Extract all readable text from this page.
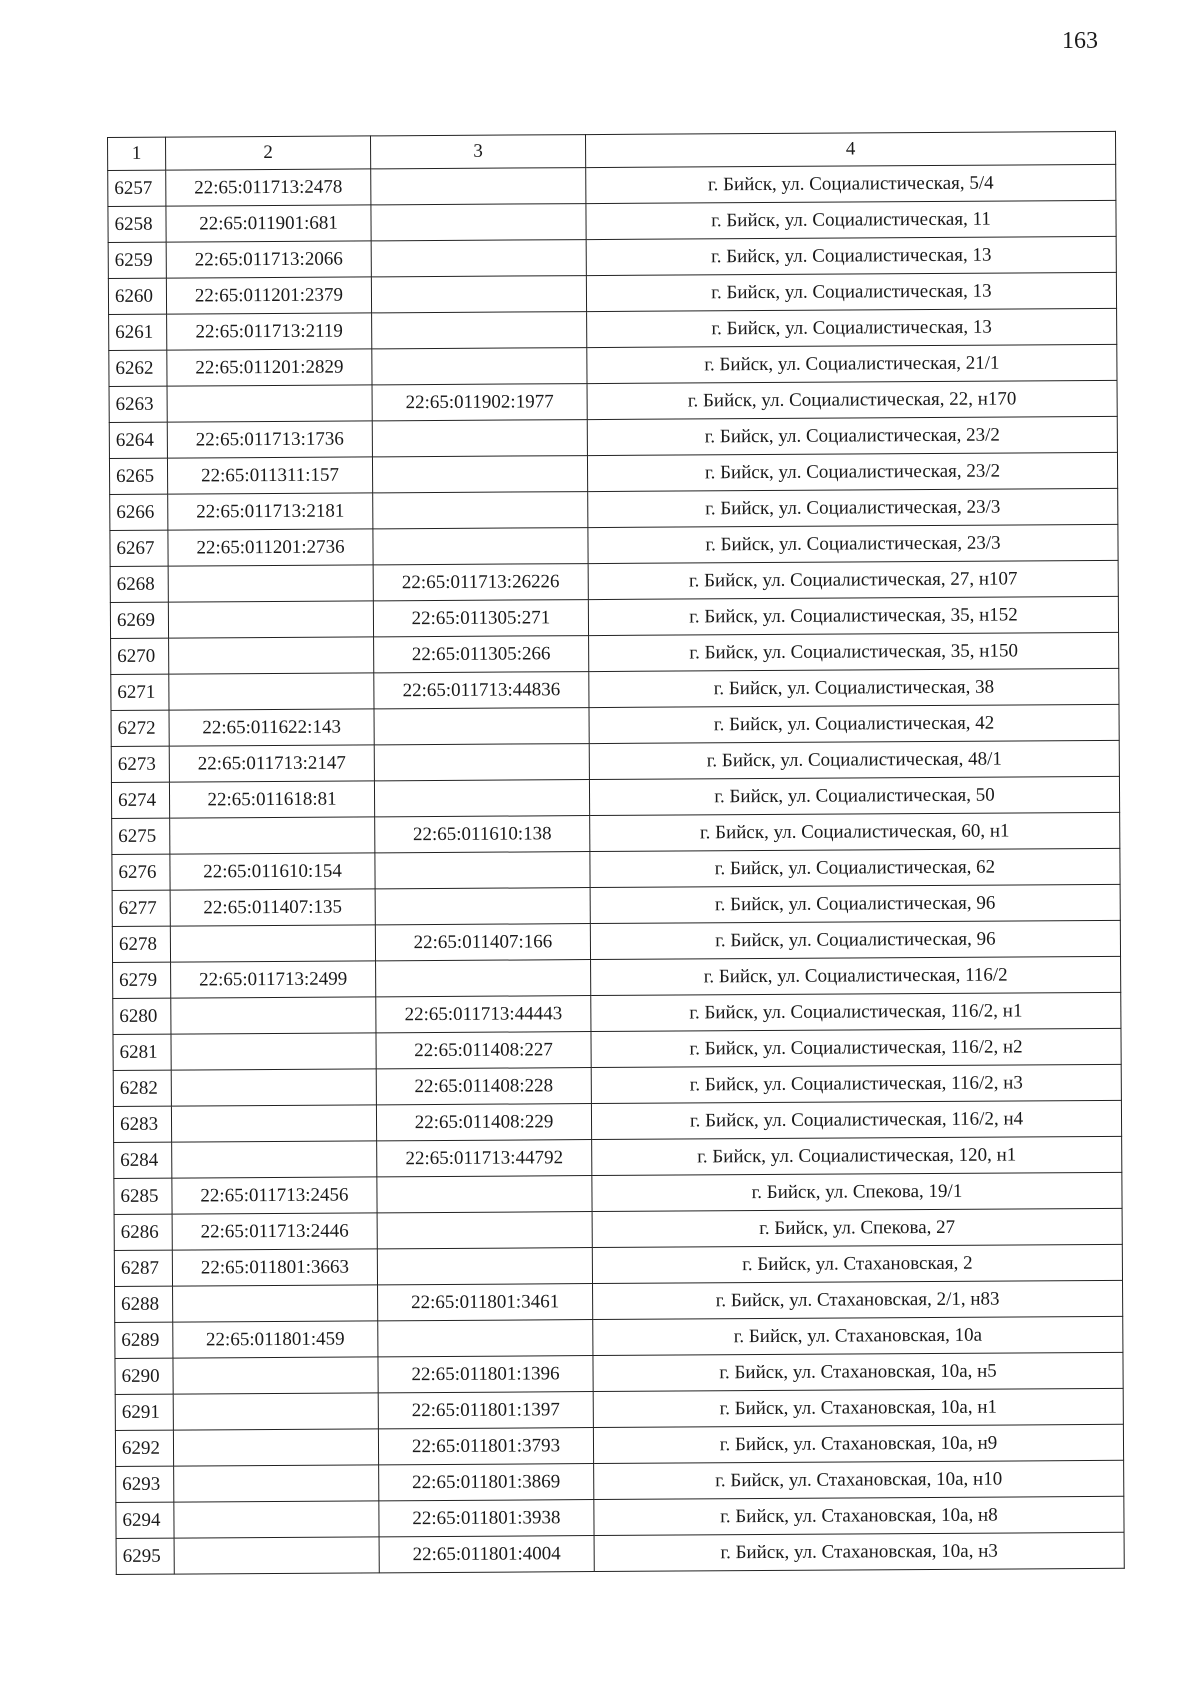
163
1	2	3	4
6257	22:65:011713:2478		г. Бийск, ул. Социалистическая, 5/4
6258	22:65:011901:681		г. Бийск, ул. Социалистическая, 11
6259	22:65:011713:2066		г. Бийск, ул. Социалистическая, 13
6260	22:65:011201:2379		г. Бийск, ул. Социалистическая, 13
6261	22:65:011713:2119		г. Бийск, ул. Социалистическая, 13
6262	22:65:011201:2829		г. Бийск, ул. Социалистическая, 21/1
6263		22:65:011902:1977	г. Бийск, ул. Социалистическая, 22, н170
6264	22:65:011713:1736		г. Бийск, ул. Социалистическая, 23/2
6265	22:65:011311:157		г. Бийск, ул. Социалистическая, 23/2
6266	22:65:011713:2181		г. Бийск, ул. Социалистическая, 23/3
6267	22:65:011201:2736		г. Бийск, ул. Социалистическая, 23/3
6268		22:65:011713:26226	г. Бийск, ул. Социалистическая, 27, н107
6269		22:65:011305:271	г. Бийск, ул. Социалистическая, 35, н152
6270		22:65:011305:266	г. Бийск, ул. Социалистическая, 35, н150
6271		22:65:011713:44836	г. Бийск, ул. Социалистическая, 38
6272	22:65:011622:143		г. Бийск, ул. Социалистическая, 42
6273	22:65:011713:2147		г. Бийск, ул. Социалистическая, 48/1
6274	22:65:011618:81		г. Бийск, ул. Социалистическая, 50
6275		22:65:011610:138	г. Бийск, ул. Социалистическая, 60, н1
6276	22:65:011610:154		г. Бийск, ул. Социалистическая, 62
6277	22:65:011407:135		г. Бийск, ул. Социалистическая, 96
6278		22:65:011407:166	г. Бийск, ул. Социалистическая, 96
6279	22:65:011713:2499		г. Бийск, ул. Социалистическая, 116/2
6280		22:65:011713:44443	г. Бийск, ул. Социалистическая, 116/2, н1
6281		22:65:011408:227	г. Бийск, ул. Социалистическая, 116/2, н2
6282		22:65:011408:228	г. Бийск, ул. Социалистическая, 116/2, н3
6283		22:65:011408:229	г. Бийск, ул. Социалистическая, 116/2, н4
6284		22:65:011713:44792	г. Бийск, ул. Социалистическая, 120, н1
6285	22:65:011713:2456		г. Бийск, ул. Спекова, 19/1
6286	22:65:011713:2446		г. Бийск, ул. Спекова, 27
6287	22:65:011801:3663		г. Бийск, ул. Стахановская, 2
6288		22:65:011801:3461	г. Бийск, ул. Стахановская, 2/1, н83
6289	22:65:011801:459		г. Бийск, ул. Стахановская, 10а
6290		22:65:011801:1396	г. Бийск, ул. Стахановская, 10а, н5
6291		22:65:011801:1397	г. Бийск, ул. Стахановская, 10а, н1
6292		22:65:011801:3793	г. Бийск, ул. Стахановская, 10а, н9
6293		22:65:011801:3869	г. Бийск, ул. Стахановская, 10а, н10
6294		22:65:011801:3938	г. Бийск, ул. Стахановская, 10а, н8
6295		22:65:011801:4004	г. Бийск, ул. Стахановская, 10а, н3
